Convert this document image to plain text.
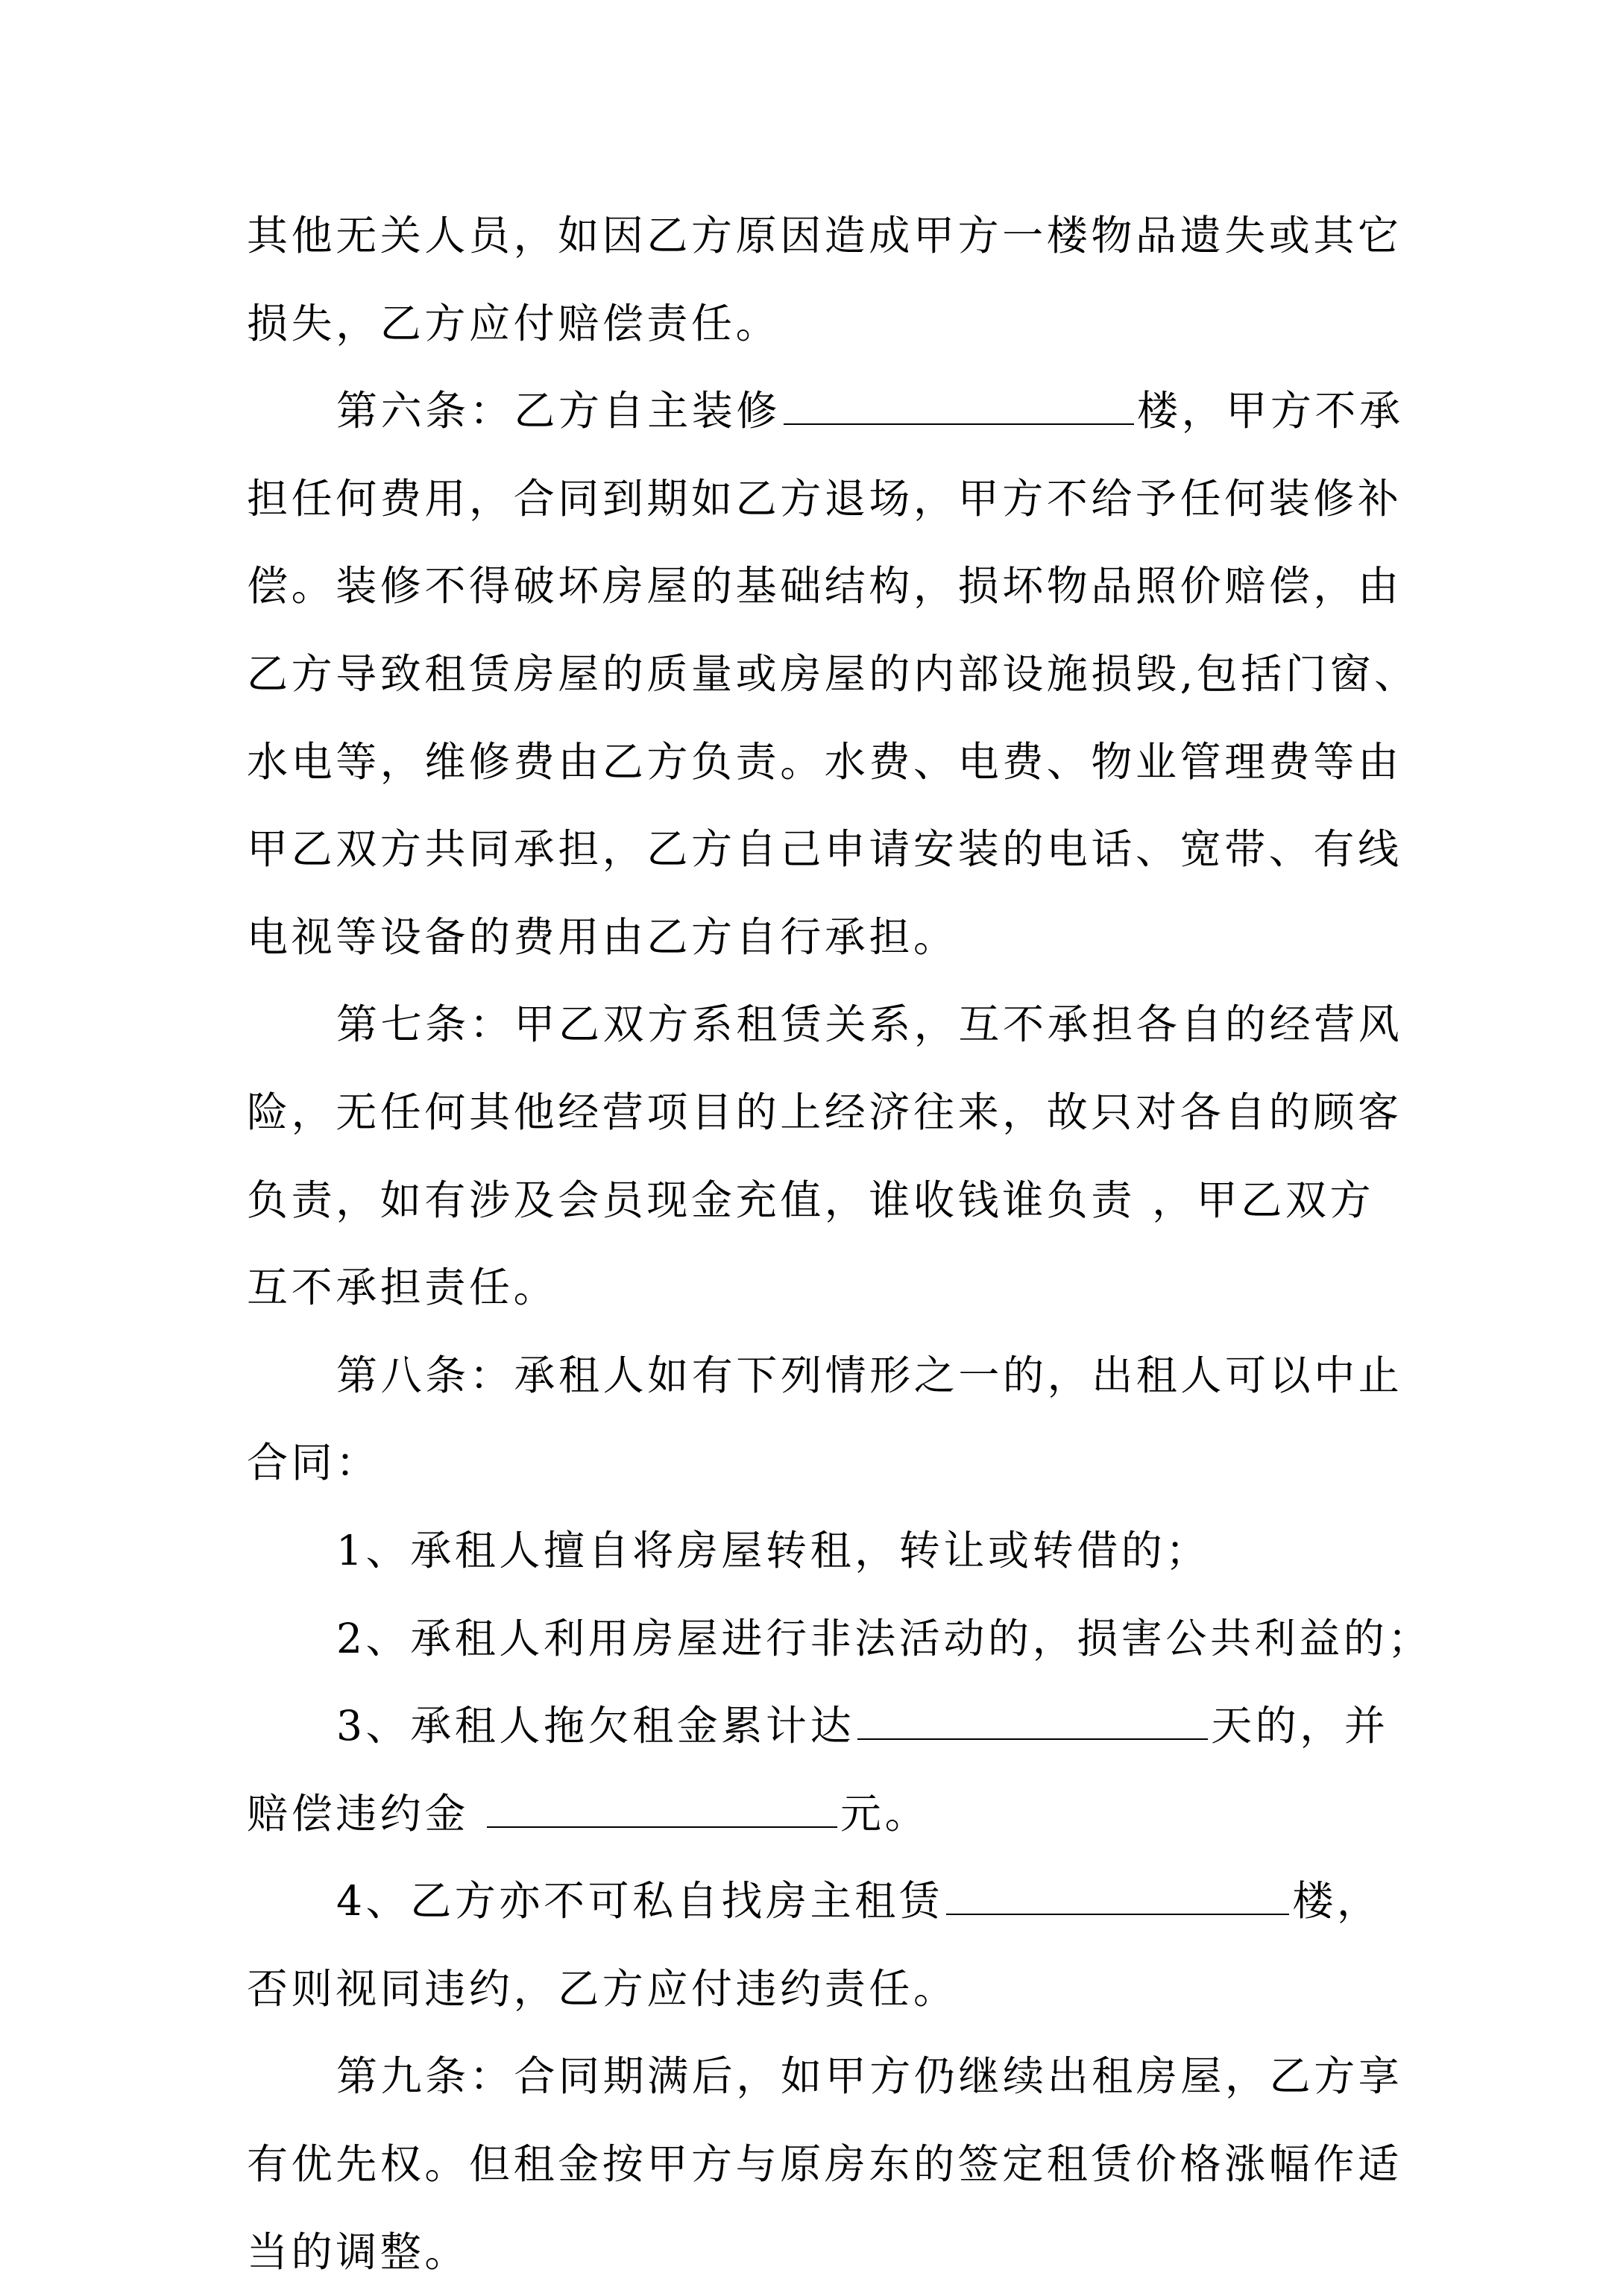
其他无关人员，如因乙方原因造成甲方一楼物品遗失或其它
损失，乙方应付赔偿责任。
第六条：乙方自主装修	楼，甲方不承
担任何费用，合同到期如乙方退场，甲方不给予任何装修补
偿。装修不得破坏房屋的基础结构，损坏物品照价赔偿，由
乙方导致租赁房屋的质量或房屋的内部设施损毁,包括门窗、
水电等，维修费由乙方负责。水费、电费、物业管理费等由
甲乙双方共同承担，乙方自己申请安装的电话、宽带、有线
电视等设备的费用由乙方自行承担。
第七条：甲乙双方系租赁关系，互不承担各自的经营风
险，无任何其他经营项目的上经济往来，故只对各自的顾客
负责，如有涉及会员现金充值，谁收钱谁负责 ，甲乙双方
互不承担责任。
第八条：承租人如有下列情形之一的，出租人可以中止
合同：
1、承租人擅自将房屋转租，转让或转借的；
2、承租人利用房屋进行非法活动的，损害公共利益的；
3、承租人拖欠租金累计达	天的，并
赔偿违约金	元。
4、乙方亦不可私自找房主租赁	楼，
否则视同违约，乙方应付违约责任。
第九条：合同期满后，如甲方仍继续出租房屋，乙方享
有优先权。但租金按甲方与原房东的签定租赁价格涨幅作适
当的调整。
